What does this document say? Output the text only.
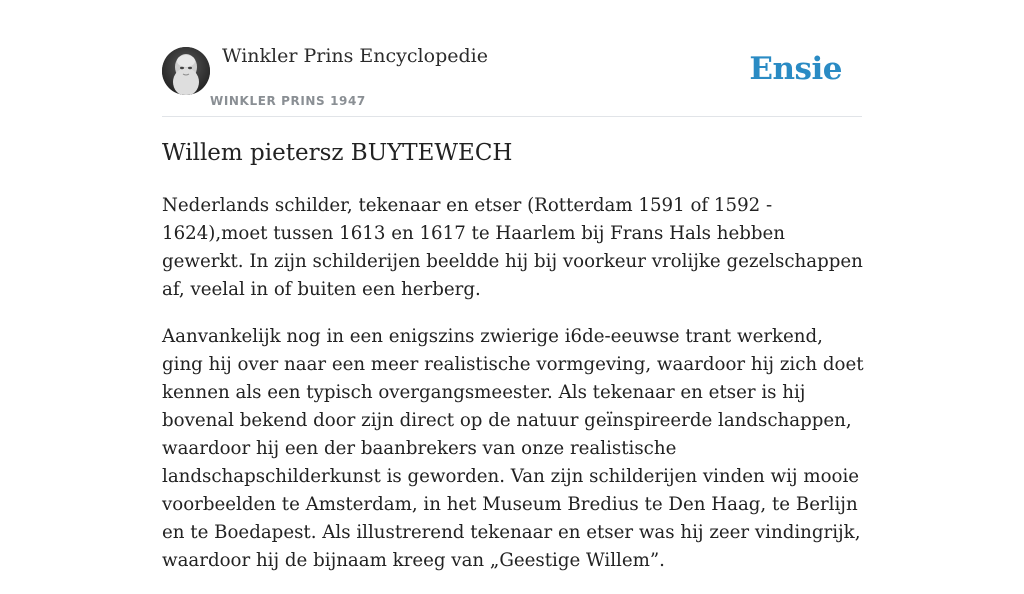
Winkler Prins Encyclopedie
WINKLER PRINS 1947
Ensie
Willem pietersz BUYTEWECH

Nederlands schilder, tekenaar en etser (Rotterdam 1591 of 1592 - 1624),moet tussen 1613 en 1617 te Haarlem bij Frans Hals hebben gewerkt. In zijn schilderijen beeldde hij bij voorkeur vrolijke gezelschappen af, veelal in of buiten een herberg.

Aanvankelijk nog in een enigszins zwierige i6de-eeuwse trant werkend, ging hij over naar een meer realistische vormgeving, waardoor hij zich doet kennen als een typisch overgangsmeester. Als tekenaar en etser is hij bovenal bekend door zijn direct op de natuur geïnspireerde landschappen, waardoor hij een der baanbrekers van onze realistische landschapschilderkunst is geworden. Van zijn schilderijen vinden wij mooie voorbeelden te Amsterdam, in het Museum Bredius te Den Haag, te Berlijn en te Boedapest. Als illustrerend tekenaar en etser was hij zeer vindingrijk, waardoor hij de bijnaam kreeg van „Geestige Willem”.
